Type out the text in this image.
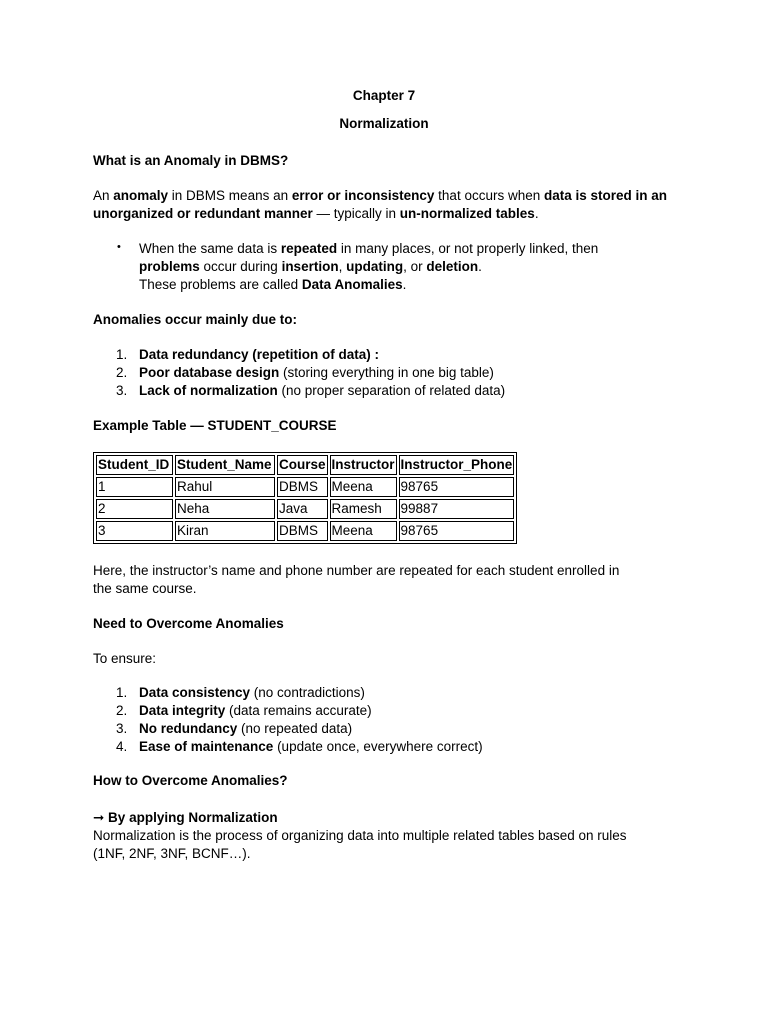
Chapter 7
Normalization
What is an Anomaly in DBMS?
An anomaly in DBMS means an error or inconsistency that occurs when data is stored in an
unorganized or redundant manner — typically in un-normalized tables.
• When the same data is repeated in many places, or not properly linked, then
problems occur during insertion, updating, or deletion.
These problems are called Data Anomalies.
Anomalies occur mainly due to:
1. Data redundancy (repetition of data) :
2. Poor database design (storing everything in one big table)
3. Lack of normalization (no proper separation of related data)
Example Table — STUDENT_COURSE
Student_ID	Student_Name	Course	Instructor	Instructor_Phone
1	Rahul	DBMS	Meena	98765
2	Neha	Java	Ramesh	99887
3	Kiran	DBMS	Meena	98765
Here, the instructor’s name and phone number are repeated for each student enrolled in
the same course.
Need to Overcome Anomalies
To ensure:
1. Data consistency (no contradictions)
2. Data integrity (data remains accurate)
3. No redundancy (no repeated data)
4. Ease of maintenance (update once, everywhere correct)
How to Overcome Anomalies?
➞ By applying Normalization
Normalization is the process of organizing data into multiple related tables based on rules
(1NF, 2NF, 3NF, BCNF…).
